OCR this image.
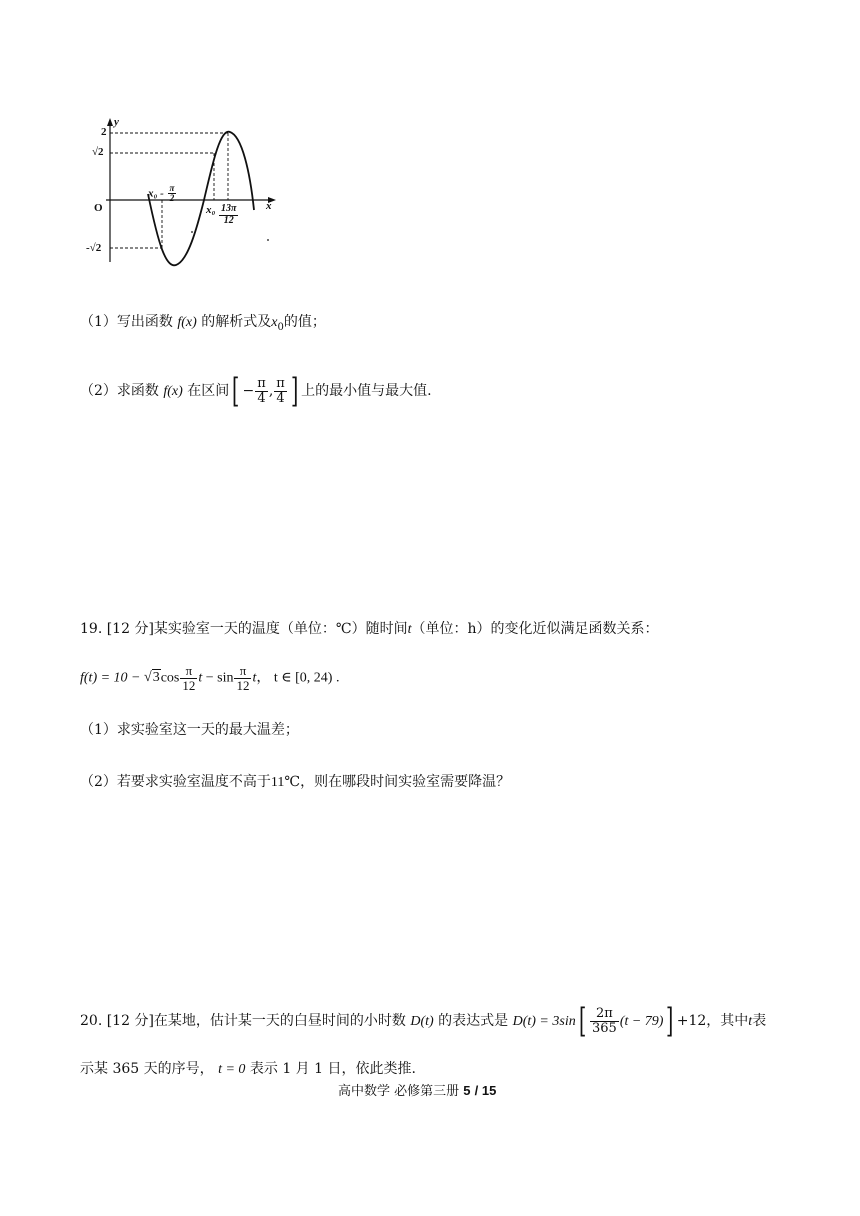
y
x
O
2
√2
-√2
$x_0 - \frac{\pi}{2}$
$x_0 \frac{13\pi}{12}$
（1）写出函数 f(x) 的解析式及$x_0$的值；
（2）求函数 f(x) 在区间[ − $\frac{\pi}{4}$ , $\frac{\pi}{4}$ ] 上的最小值与最大值.
19. [12 分]某实验室一天的温度（单位：℃）随时间t（单位：h）的变化近似满足函数关系：
$f(t) = 10 - √3\cos \frac{\pi}{12}$ $t - \sin \frac{\pi}{12}$ t， t ∈ [0, 24) .
（1）求实验室这一天的最大温差；
（2）若要求实验室温度不高于11℃，则在哪段时间实验室需要降温？
20. [12 分]在某地，估计某一天的白昼时间的小时数 D(t) 的表达式是 $D(t) = 3\sin[ \frac{2\pi}{365} (t - 79)] +12$，其中t表
示某 365 天的序号， t = 0 表示 1 月 1 日，依此类推.
高中数学 必修第三册 5 / 15
